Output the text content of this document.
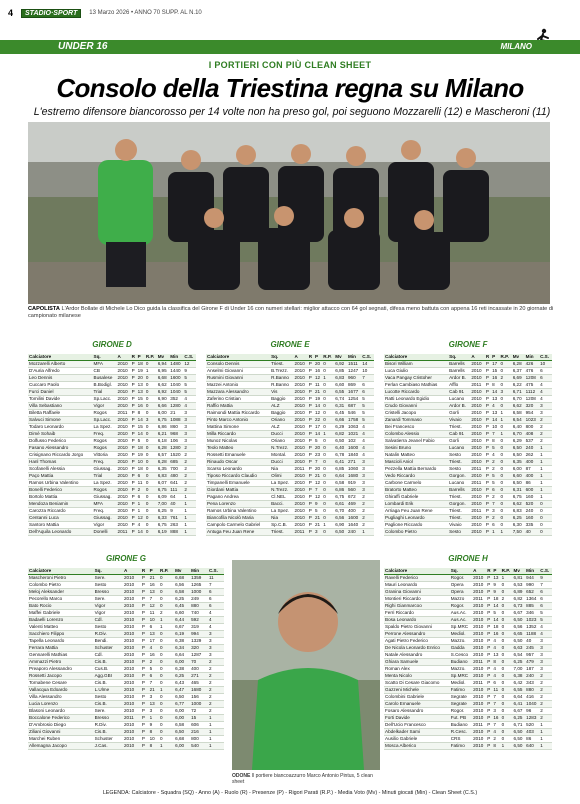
4	STADIO·SPORT	13 Marzo 2026 • ANNO 70 SUPP. AL N.10
UNDER 16	MILANO
I PORTIERI CON PIÙ CLEAN SHEET
Consolo della Triestina regna su Milano
L'estremo difensore biancorosso per 14 volte non ha preso gol, poi seguono Mozzarelli (12) e Mascheroni (11)
CAPOLISTA L'Ardor Bollate di Michele Lo Dico guida la classifica del Girone F di Under 16 con numeri stellari: miglior attacco con 64 gol segnati, difesa meno battuta con appena 16 reti incassate in 20 giornate di campionato milanese
GIRONE D
Calciatore	Sq.	A	R	P	R.P.	Mv	Min	C.S.
Mozzarelli Alberto	MFA	2010	P	18	0	6,94	1480	12
D'Auria Alfredo	CB	2010	P	19	1	6,95	1440	9
Leo Dennis	Busalese	2010	P	20	0	6,68	1600	5
Cuccaro Paolo	B.Bodigl.	2010	P	13	0	6,62	1040	5
Furci Daniel	Trial	2010	P	13	0	6,92	1040	5
Tomilini Davide	Sp.Lacc.	2010	P	15	0	6,90	352	4
Villa Sebastiano	Vigor	2010	P	16	0	6,66	1280	4
Biletta Raffaele	Rogos	2011	P	8	0	6,00	21	3
Salvuci Simone	Sp.Lacc.	2010	P	14	3	6,75	1088	3
Todaro Leonardo	La Spez.	2010	P	15	0	6,86	860	3
Dimè Sohaib	Freq.	2010	P	14	0	6,21	968	3
Dolfusso Federico	Rogos	2010	P	5	0	6,18	106	3
Fasano Alessandro	Rogos	2010	P	18	0	6,28	1280	2
Crisignano Riccardo Jorgo	Vittoria	2010	P	19	0	6,57	1520	2
Hanl Thomas	Freq.	2010	P	10	0	6,28	685	2
Scofanelli Alessia	Giussag.	2010	P	18	0	6,35	700	2
Paço Mattia	Trial	2010	P	6	0	6,83	480	2
Ramos Urbina Valentino	La Spez.	2010	P	11	0	6,07	641	2
Bonelli Federico	Rogos	2010	P	2	0	6,75	111	2
Bortolo Mattia	Giussag.	2010	P	6	0	6,09	64	1
Mendoza Beniamin	MFA	2010	P	1	0	7,00	40	1
Carozza Riccardo	Freq.	2010	P	1	0	6,25	9	1
Centanni Luca	Giussag.	2010	P	12	0	6,33	761	1
Santoro Mattia	Vigor	2010	P	4	0	6,75	263	1
Dell'Aquila Leonardo	Donelli	2011	P	14	0	6,19	888	1
GIRONE E
Calciatore	Sq.	A	R	P	R.P.	Mv	Min	C.S.
Consolo Dennis	Triest.	2010	P	20	0	6,92	1511	14
Anselmi Giovanni	B.Trezz.	2010	P	16	0	6,85	1247	10
Rusmini Giovanni	R.Banno	2010	P	12	1	6,83	960	7
Mazzei Antonio	R.Banno	2010	P	11	0	6,60	869	6
Mazzara Alessandro	Vis	2010	P	21	0	6,55	1677	6
Zaferino Cristian	Baggio	2010	P	19	0	6,74	1254	5
Raffio Mattia	ALZ	2010	P	14	0	6,31	687	5
Raimondi Mattia Riccardo	Baggio	2010	P	12	0	6,45	546	5
Pinto Marco Antonio	Oriano	2010	P	22	0	6,66	1758	5
Mattina Simone	ALZ	2010	P	17	0	6,29	1063	4
Milla Riccardo	Ducci	2010	P	14	1	6,82	1021	4
Munoz Nicolas	Oriano	2010	P	5	0	6,50	102	4
Teolo Matteo	N.Trezz.	2010	P	20	0	6,40	1600	4
Rossetti Emanuele	Montal.	2010	P	23	0	6,78	1840	4
Rinaudo Oscar	Ducci	2010	P	7	0	6,41	271	3
Scarso Leonardo	Nia	2011	P	20	0	6,85	1060	3
Tiposo Riccardo Claudio	Olimi	2010	P	21	0	6,64	1680	3
Timpanelli Emanuele	La Spez.	2010	P	12	0	6,58	919	3
Giordani Mattia	N.Trezz.	2010	P	7	0	6,86	560	3
Pagano Andrea	Cl.NEL	2010	P	12	0	6,75	672	2
Pena Lorenzo	Bacci.	2010	P	9	0	6,61	469	2
Ramos Urbina Valentino	La Spez.	2010	P	5	0	6,70	400	2
Biancofila Nicolò Maria	Nia	2010	P	21	0	6,56	1600	2
Campolo Carmelo Gabriel	Sp.C.B.	2010	P	21	1	6,90	1640	2
Antuga Feu Juan Rene	Triest.	2011	P	3	0	6,50	240	1
GIRONE F
Calciatore	Sq.	A	R	P	R.P.	Mv	Min	C.S.
Bisori William	Barrells	2010	P	17	0	6,28	426	10
Luca Giulio	Barrells	2010	P	15	0	6,37	476	6
Vaca Pangay Cristoher	Ardor B.	2010	P	16	2	6,69	1208	6
Ferlan Cambiaso Mathias	Afflo	2011	P	8	0	6,22	475	4
Lucotte Riccardo	Cab 91	2010	P	14	3	6,71	1112	4
Ratti Leonardo Egidio	Lucano	2010	P	13	0	6,70	1208	4
Crudo Giovanni	Ardor B.	2010	P	4	0	6,62	320	3
Cristelli Jacopo	Gorli	2010	P	13	1	6,58	954	3
Zanardi Tommaso	Vivaio	2010	P	14	1	6,54	1023	2
Bei Francesco	Triest.	2010	P	10	0	6,40	800	2
Colombo Alessio	Cab 91	2010	P	7	1	6,70	408	2
Salvatierra Jeanel Fabio	Gorli	2010	P	8	0	6,29	537	2
Sesini Bruno	Lucano	2010	P	5	0	6,50	240	1
Natalin Matteo	Sesto	2010	P	4	0	6,50	262	1
Mascioli Aniol	Triest.	2010	P	2	0	6,35	400	1
Pezzella Mattia Bernardo	Sesto	2011	P	2	0	6,00	87	1
Vedo Riccardo	Gorgon.	2010	P	5	0	6,60	400	1
Carbone Carmelo	Lucano	2011	P	5	0	6,50	86	1
Bratorto Matteo	Barrells	2010	P	6	0	6,31	600	1
Ghiraffi Gabriele	Triest.	2010	P	2	0	6,75	160	1
Lombardi Erik	Gorgon.	2010	P	7	0	6,62	520	0
Arriaga Feu Juan Rene	Triest.	2011	P	3	0	6,83	240	0
Pugliaghi Leonardo	Triest.	2010	P	2	0	6,25	160	0
Paglione Riccardo	Vivaio	2010	P	6	0	6,30	335	0
Colombo Pietro	Sesto	2010	P	1	1	7,50	40	0
GIRONE G
Calciatore	Sq.	A	R	P	R.P.	Mv	Min	C.S.
Mascheroni Pietro	Sere.	2010	P	21	0	6,68	1359	11
Colombo Pietro	Sesto	2010	P	16	0	6,56	1265	7
Meloj Aleksander	Bresso	2010	P	13	0	6,58	1000	6
Pecorello Marco	Sere.	2010	P	7	0	6,25	249	6
Bato Rocio	Vigor	2010	P	12	0	6,45	880	6
Maffei Gabriele	Vigor	2010	P	11	2	6,60	740	4
Badaelli Lorenzo	Cdl.	2010	P	10	1	6,44	592	4
Valenti Matteo	Sesto	2010	P	6	1	6,67	319	4
Sacchiero Filippo	R.Div.	2010	P	13	0	6,19	994	3
Tapella Leonardo	Bendi.	2010	P	17	0	6,38	1329	3
Ferrara Mattia	Schuster	2010	P	4	0	6,34	320	3
Gennarelli Mathias	Cdl.	2010	P	16	0	6,64	1287	3
Ammazzi Pietro	Cis.B.	2010	P	2	0	6,00	70	2
Preaporo Alessandro	Cus.B.	2010	P	5	0	6,38	400	2
Rossetti Jacopo	Agg.GBI	2010	P	6	0	6,25	271	2
Tornabene Cesare	Cis.B.	2010	P	7	0	6,43	465	2
Vallacqua Edoardo	L.Ulme	2010	P	21	1	6,47	1680	2
Villa Alessandro	Sesto	2010	P	3	0	6,50	156	2
Lucia Lorenzo	Cis.B.	2010	P	13	0	6,77	1000	2
Blasoni Leonardo	Sere.	2010	P	3	0	6,00	72	2
Boccalone Federico	Bresso	2011	P	1	0	6,00	15	1
D'Ambrosio Diego	R.Div.	2010	P	9	0	6,58	606	1
Ziliani Giovanni	Cis.B.	2010	P	8	0	6,50	216	1
Marchei Ruben	Schuster	2010	P	10	0	6,68	800	1
Allemagna Jacopo	J.Cas.	2010	P	8	1	6,00	540	1
GIRONE H
Calciatore	Sq.	A	R	P	R.P.	Mv	Min	C.S.
Ravelli Federico	Rogor.	2010	P	13	1	6,81	944	9
Mauri Leonardo	Opera	2010	P	9	0	6,53	990	7
Granina Giovanni	Opera	2010	P	9	0	6,89	652	6
Montieri Riccardo	Mazzo	2011	P	18	2	6,82	1364	6
Righi Gianmarcoo	Rogor.	2010	P	14	0	6,73	885	6
Ferri Riccardo	Aus.Ac.	2010	P	5	0	6,67	346	5
Bosa Leonardo	Aus.Ac.	2010	P	14	0	6,50	1023	5
Spaldo Pietro Giovanni	Sp.MRC	2010	P	18	0	6,56	1352	4
Perrone Alessandro	Mediol.	2010	P	16	0	6,65	1188	4
Agati Pietro Federico	Mazzo.	2010	P	4	0	6,50	40	3
De Nicola Leonardo Enrico	Gadda	2010	P	4	0	6,63	245	3
Natale Alessandro	S.Cesco	2010	P	13	0	6,54	957	3
Ghiara Samuele	Budiano	2011	P	8	0	6,25	479	3
Roman Alex	Mazzo.	2010	P	4	0	7,00	187	3
Menta Nicolo	Sp.MRC	2010	P	4	0	6,38	240	2
Scatto Di Cesare Giacomo	Mediol.	2011	P	6	0	6,42	343	2
Gazzeni Michele	Fatimo	2010	P	11	0	6,55	880	2
Colombini Gabriele	Segrate	2010	P	7	0	6,64	416	2
Carolo Emanuele	Segrate	2010	P	7	0	6,41	1040	2
Fosaro Alessandro	Rogor.	2010	P	3	0	6,67	96	2
Forti Davide	Fut. PB	2010	P	16	0	6,25	1283	2
Dell'Ucio Francesco	Budiano	2011	P	7	0	6,71	520	1
Abdelkader Sami	R.Cesc.	2010	P	4	0	6,50	403	1
Ausilio Gabriele	CRS	2010	P	2	0	6,50	86	1
Mosca Alberico	Fatimo	2010	P	8	1	6,50	640	1
ODONE Il portiere biancoazzurro Marco Antonio Pintus, 5 clean sheet
LEGENDA: Calciatore - Squadra (SQ) - Anno (A) - Ruolo (R) - Presenze (P) - Rigori Parati (R.P.) - Media Voto (Mv) - Minuti giocati (Min) - Clean Sheet (C.S.)
